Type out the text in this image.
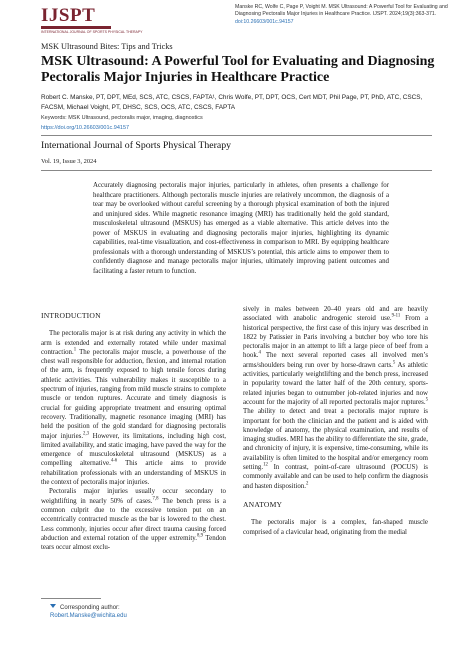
IJSPT
INTERNATIONAL JOURNAL OF SPORTS PHYSICAL THERAPY
Manske RC, Wolfe C, Page P, Voight M. MSK Ultrasound: A Powerful Tool for Evaluating and Diagnosing Pectoralis Major Injuries in Healthcare Practice. IJSPT. 2024;19(3):363-371. doi:10.26603/001c.94157
MSK Ultrasound Bites: Tips and Tricks
MSK Ultrasound: A Powerful Tool for Evaluating and Diagnosing Pectoralis Major Injuries in Healthcare Practice
Robert C. Manske, PT, DPT, MEd, SCS, ATC, CSCS, FAPTA¹, Chris Wolfe, PT, DPT, OCS, Cert MDT, Phil Page, PT, PhD, ATC, CSCS, FACSM, Michael Voight, PT, DHSC, SCS, OCS, ATC, CSCS, FAPTA
Keywords: MSK Ultrasound, pectoralis major, imaging, diagnostics
https://doi.org/10.26603/001c.94157
International Journal of Sports Physical Therapy
Vol. 19, Issue 3, 2024
Accurately diagnosing pectoralis major injuries, particularly in athletes, often presents a challenge for healthcare practitioners. Although pectoralis muscle injuries are relatively uncommon, the diagnosis of a tear may be overlooked without careful screening by a thorough physical examination of both the injured and uninjured sides. While magnetic resonance imaging (MRI) has traditionally held the gold standard, musculoskeletal ultrasound (MSKUS) has emerged as a viable alternative. This article delves into the power of MSKUS in evaluating and diagnosing pectoralis major injuries, highlighting its dynamic capabilities, real-time visualization, and cost-effectiveness in comparison to MRI. By equipping healthcare professionals with a thorough understanding of MSKUS’s potential, this article aims to empower them to confidently diagnose and manage pectoralis major injuries, ultimately improving patient outcomes and facilitating a faster return to function.
INTRODUCTION

The pectoralis major is at risk during any activity in which the arm is extended and externally rotated while under maximal contraction.$^1$ The pectoralis major muscle, a powerhouse of the chest wall responsible for adduction, flexion, and internal rotation of the arm, is frequently exposed to high tensile forces during athletic activities. This vulnerability makes it susceptible to a spectrum of injuries, ranging from mild muscle strains to complete muscle or tendon ruptures. Accurate and timely diagnosis is crucial for guiding appropriate treatment and ensuring optimal recovery. Traditionally, magnetic resonance imaging (MRI) has held the position of the gold standard for diagnosing pectoralis major injuries.$^{2,3}$ However, its limitations, including high cost, limited availability, and static imaging, have paved the way for the emergence of musculoskeletal ultrasound (MSKUS) as a compelling alternative.$^{4-6}$ This article aims to provide rehabilitation professionals with an understanding of MSKUS in the context of pectoralis major injuries.

Pectoralis major injuries usually occur secondary to weightlifting in nearly 50% of cases.$^{7,8}$ The bench press is a common culprit due to the excessive tension put on an eccentrically contracted muscle as the bar is lowered to the chest. Less commonly, injuries occur after direct trauma causing forced abduction and external rotation of the upper extremity.$^{8,9}$ Tendon tears occur almost exclu-

sively in males between 20–40 years old and are heavily associated with anabolic androgenic steroid use.$^{9-11}$ From a historical perspective, the first case of this injury was described in 1822 by Patissier in Paris involving a butcher boy who tore his pectoralis major in an attempt to lift a large piece of beef from a hook.$^4$ The next several reported cases all involved men’s arms/shoulders being run over by horse-drawn carts.$^5$ As athletic activities, particularly weightlifting and the bench press, increased in popularity toward the latter half of the 20th century, sports-related injuries began to outnumber job-related injuries and now account for the majority of all reported pectoralis major ruptures.$^5$ The ability to detect and treat a pectoralis major rupture is important for both the clinician and the patient and is aided with knowledge of anatomy, the physical examination, and results of imaging studies. MRI has the ability to differentiate the site, grade, and chronicity of injury, it is expensive, time-consuming, while its availability is often limited to the hospital and/or emergency room setting.$^{12}$ In contrast, point-of-care ultrasound (POCUS) is commonly available and can be used to help confirm the diagnosis and hasten disposition.$^2$

ANATOMY

The pectoralis major is a complex, fan-shaped muscle comprised of a clavicular head, originating from the medial

Corresponding author:
Robert.Manske@wichita.edu
